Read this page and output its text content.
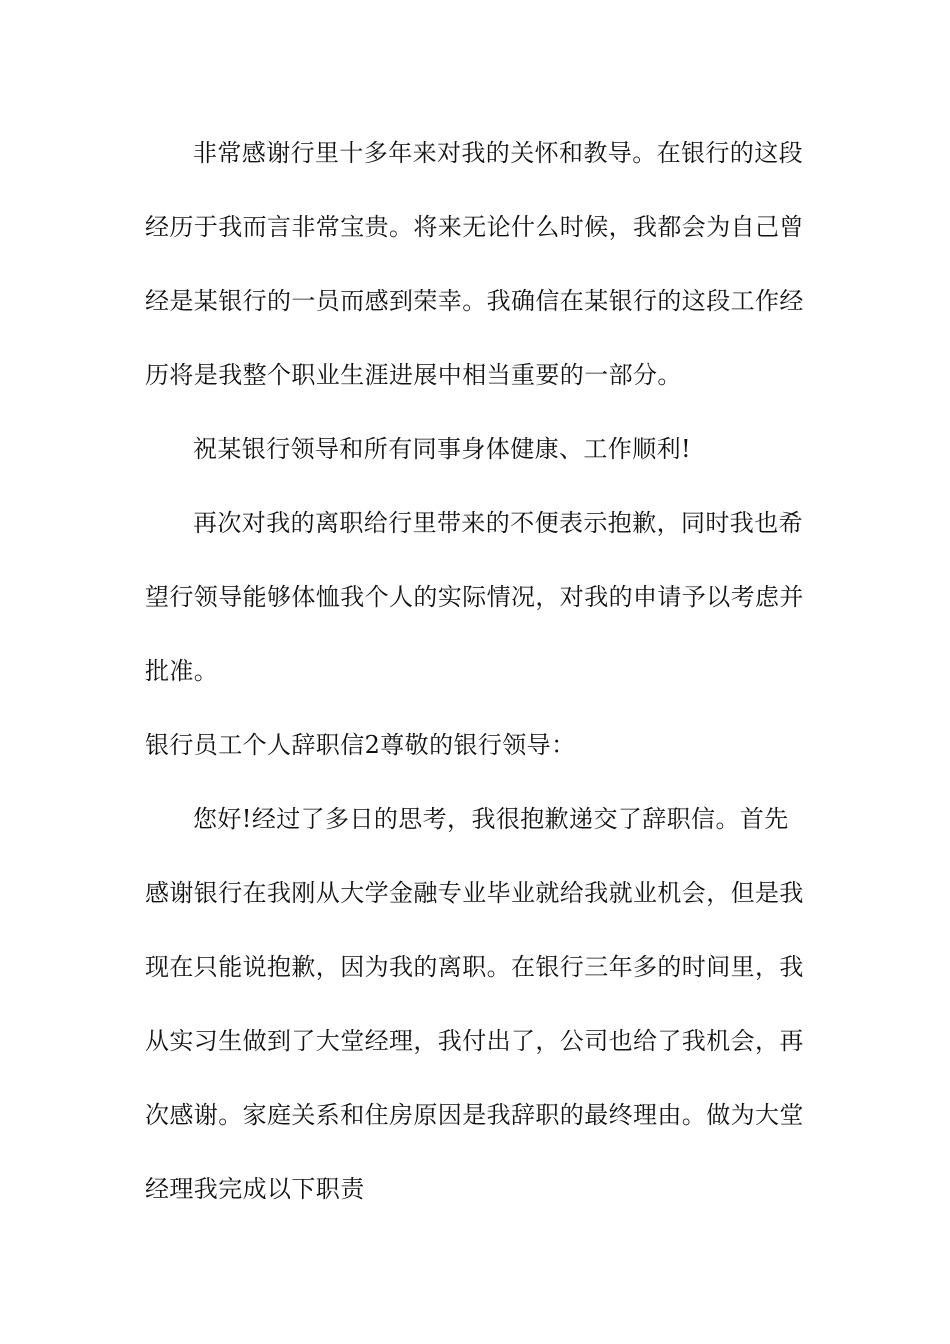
非常感谢行里十多年来对我的关怀和教导。在银行的这段经历于我而言非常宝贵。将来无论什么时候，我都会为自己曾经是某银行的一员而感到荣幸。我确信在某银行的这段工作经历将是我整个职业生涯进展中相当重要的一部分。

祝某银行领导和所有同事身体健康、工作顺利!

再次对我的离职给行里带来的不便表示抱歉，同时我也希望行领导能够体恤我个人的实际情况，对我的申请予以考虑并批准。

银行员工个人辞职信2尊敬的银行领导：

您好!经过了多日的思考，我很抱歉递交了辞职信。首先感谢银行在我刚从大学金融专业毕业就给我就业机会，但是我现在只能说抱歉，因为我的离职。在银行三年多的时间里，我从实习生做到了大堂经理，我付出了，公司也给了我机会，再次感谢。家庭关系和住房原因是我辞职的最终理由。做为大堂经理我完成以下职责
